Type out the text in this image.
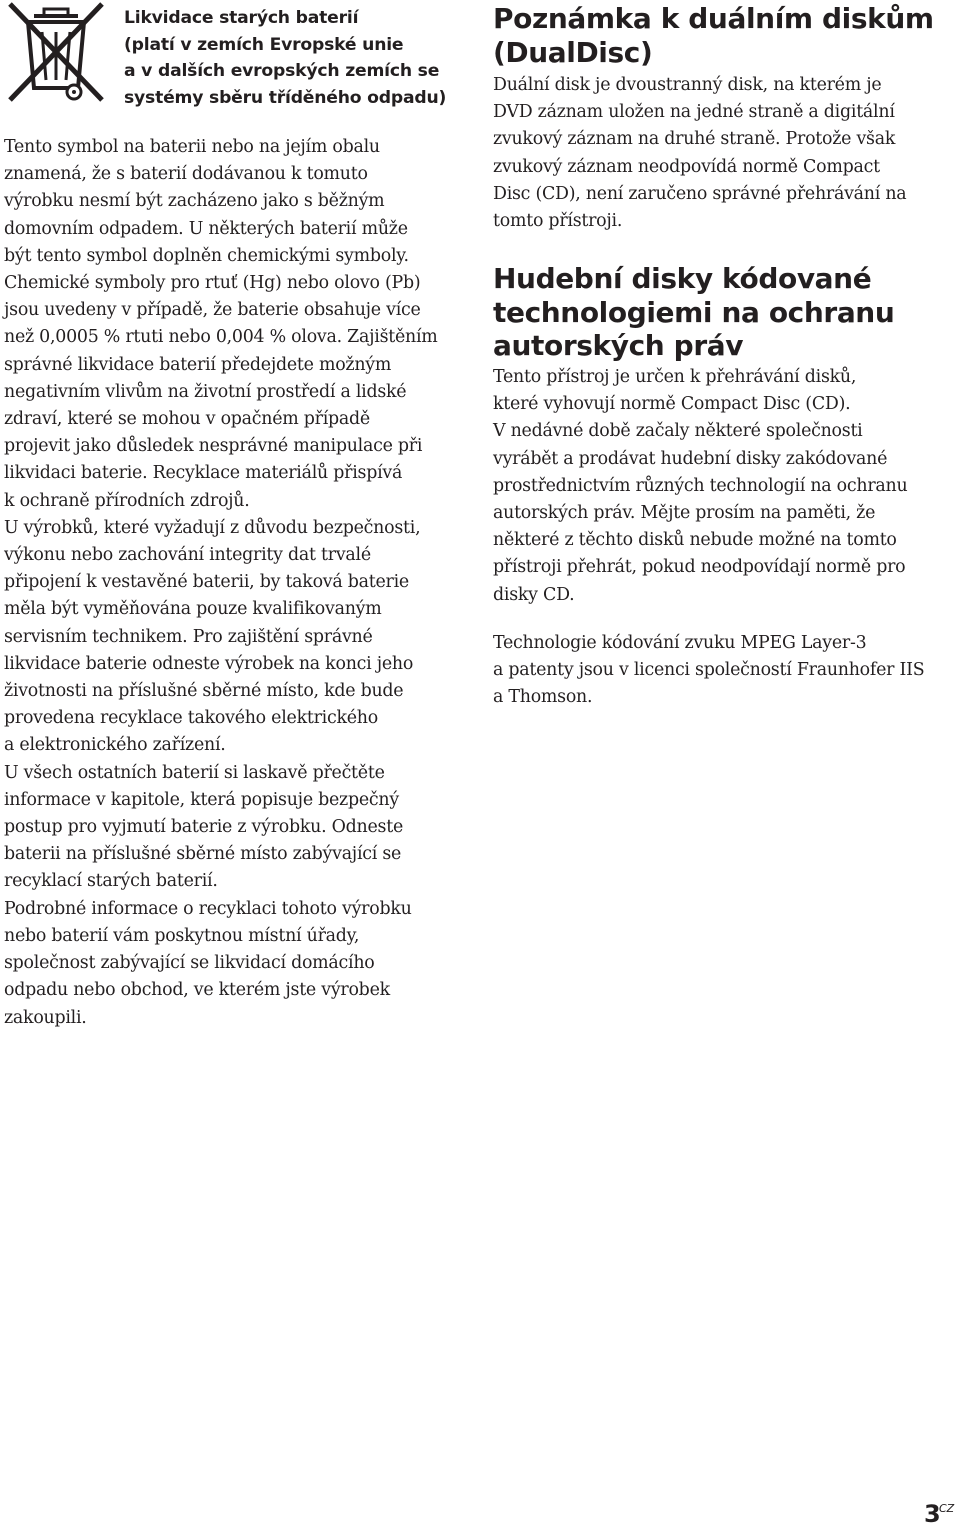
Likvidace starých baterií
(platí v zemích Evropské unie
a v dalších evropských zemích se
systémy sběru tříděného odpadu)
Tento symbol na baterii nebo na jejím obalu
znamená, že s baterií dodávanou k tomuto
výrobku nesmí být zacházeno jako s běžným
domovním odpadem. U některých baterií může
být tento symbol doplněn chemickými symboly.
Chemické symboly pro rtuť (Hg) nebo olovo (Pb)
jsou uvedeny v případě, že baterie obsahuje více
než 0,0005 % rtuti nebo 0,004 % olova. Zajištěním
správné likvidace baterií předejdete možným
negativním vlivům na životní prostředí a lidské
zdraví, které se mohou v opačném případě
projevit jako důsledek nesprávné manipulace při
likvidaci baterie. Recyklace materiálů přispívá
k ochraně přírodních zdrojů.
U výrobků, které vyžadují z důvodu bezpečnosti,
výkonu nebo zachování integrity dat trvalé
připojení k vestavěné baterii, by taková baterie
měla být vyměňována pouze kvalifikovaným
servisním technikem. Pro zajištění správné
likvidace baterie odneste výrobek na konci jeho
životnosti na příslušné sběrné místo, kde bude
provedena recyklace takového elektrického
a elektronického zařízení.
U všech ostatních baterií si laskavě přečtěte
informace v kapitole, která popisuje bezpečný
postup pro vyjmutí baterie z výrobku. Odneste
baterii na příslušné sběrné místo zabývající se
recyklací starých baterií.
Podrobné informace o recyklaci tohoto výrobku
nebo baterií vám poskytnou místní úřady,
společnost zabývající se likvidací domácího
odpadu nebo obchod, ve kterém jste výrobek
zakoupili.
Poznámka k duálním diskům
(DualDisc)
Duální disk je dvoustranný disk, na kterém je
DVD záznam uložen na jedné straně a digitální
zvukový záznam na druhé straně. Protože však
zvukový záznam neodpovídá normě Compact
Disc (CD), není zaručeno správné přehrávání na
tomto přístroji.
Hudební disky kódované
technologiemi na ochranu
autorských práv
Tento přístroj je určen k přehrávání disků,
které vyhovují normě Compact Disc (CD).
V nedávné době začaly některé společnosti
vyrábět a prodávat hudební disky zakódované
prostřednictvím různých technologií na ochranu
autorských práv. Mějte prosím na paměti, že
některé z těchto disků nebude možné na tomto
přístroji přehrát, pokud neodpovídají normě pro
disky CD.
Technologie kódování zvuku MPEG Layer-3
a patenty jsou v licenci společností Fraunhofer IIS
a Thomson.
3
CZ
